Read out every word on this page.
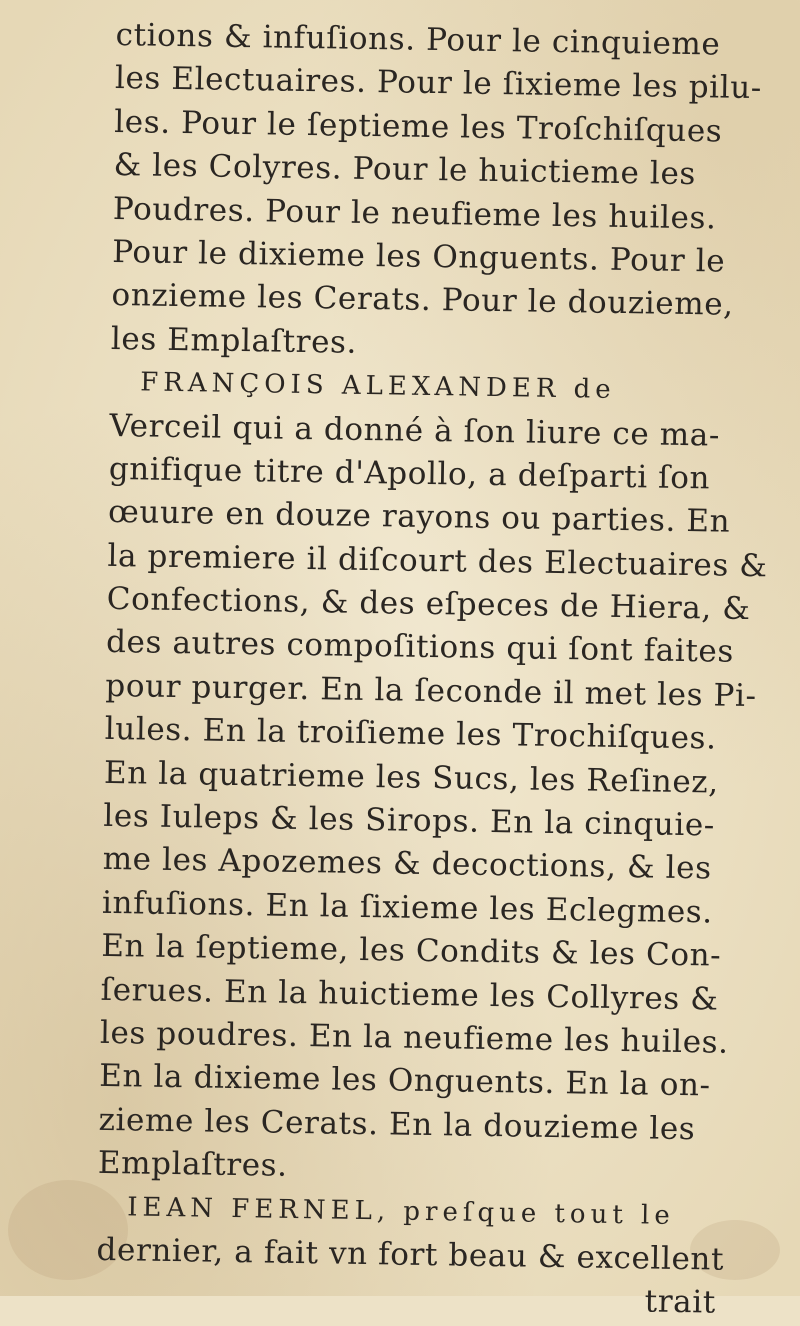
ctions & infuſions. Pour le cinquieme
les Electuaires. Pour le ſixieme les pilu-
les. Pour le ſeptieme les Troſchiſques
& les Colyres. Pour le huictieme les
Poudres. Pour le neufieme les huiles.
Pour le dixieme les Onguents. Pour le
onzieme les Cerats. Pour le douzieme,
les Emplaſtres.
FRANÇOIS ALEXANDER de
Verceil qui a donné à ſon liure ce ma-
gnifique titre d'Apollo, a deſparti ſon
œuure en douze rayons ou parties. En
la premiere il diſcourt des Electuaires &
Confections, & des eſpeces de Hiera, &
des autres compoſitions qui ſont faites
pour purger. En la ſeconde il met les Pi-
lules. En la troiſieme les Trochiſques.
En la quatrieme les Sucs, les Reſinez,
les Iuleps & les Sirops. En la cinquie-
me les Apozemes & decoctions, & les
infuſions. En la ſixieme les Eclegmes.
En la ſeptieme, les Condits & les Con-
ſerues. En la huictieme les Collyres &
les poudres. En la neufieme les huiles.
En la dixieme les Onguents. En la on-
zieme les Cerats. En la douzieme les
Emplaſtres.
IEAN FERNEL, preſque tout le
dernier, a fait vn fort beau & excellent
trait
